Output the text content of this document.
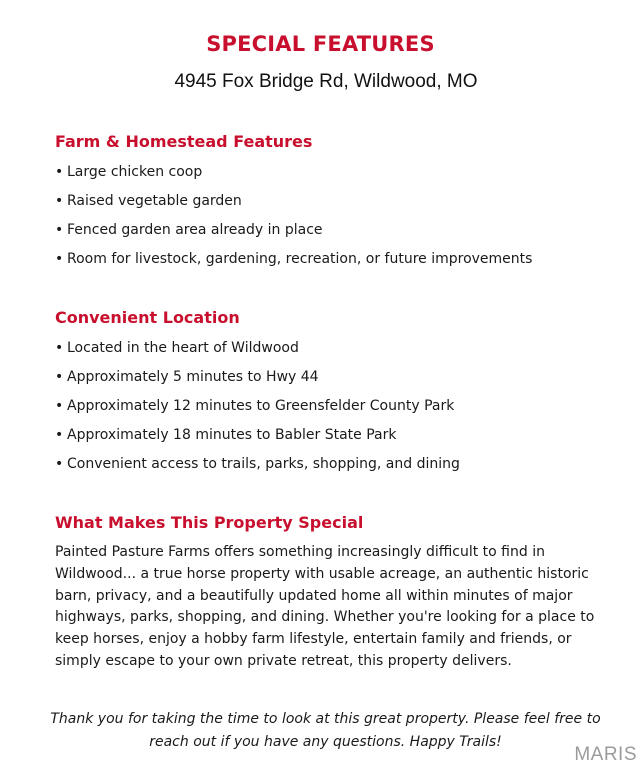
SPECIAL FEATURES
4945 Fox Bridge Rd, Wildwood, MO
Farm & Homestead Features
• Large chicken coop
• Raised vegetable garden
• Fenced garden area already in place
• Room for livestock, gardening, recreation, or future improvements
Convenient Location
• Located in the heart of Wildwood
• Approximately 5 minutes to Hwy 44
• Approximately 12 minutes to Greensfelder County Park
• Approximately 18 minutes to Babler State Park
• Convenient access to trails, parks, shopping, and dining
What Makes This Property Special

Painted Pasture Farms offers something increasingly difficult to find in Wildwood... a true horse property with usable acreage, an authentic historic barn, privacy, and a beautifully updated home all within minutes of major highways, parks, shopping, and dining. Whether you're looking for a place to keep horses, enjoy a hobby farm lifestyle, entertain family and friends, or simply escape to your own private retreat, this property delivers.

Thank you for taking the time to look at this great property. Please feel free to
reach out if you have any questions. Happy Trails!

MARIS
